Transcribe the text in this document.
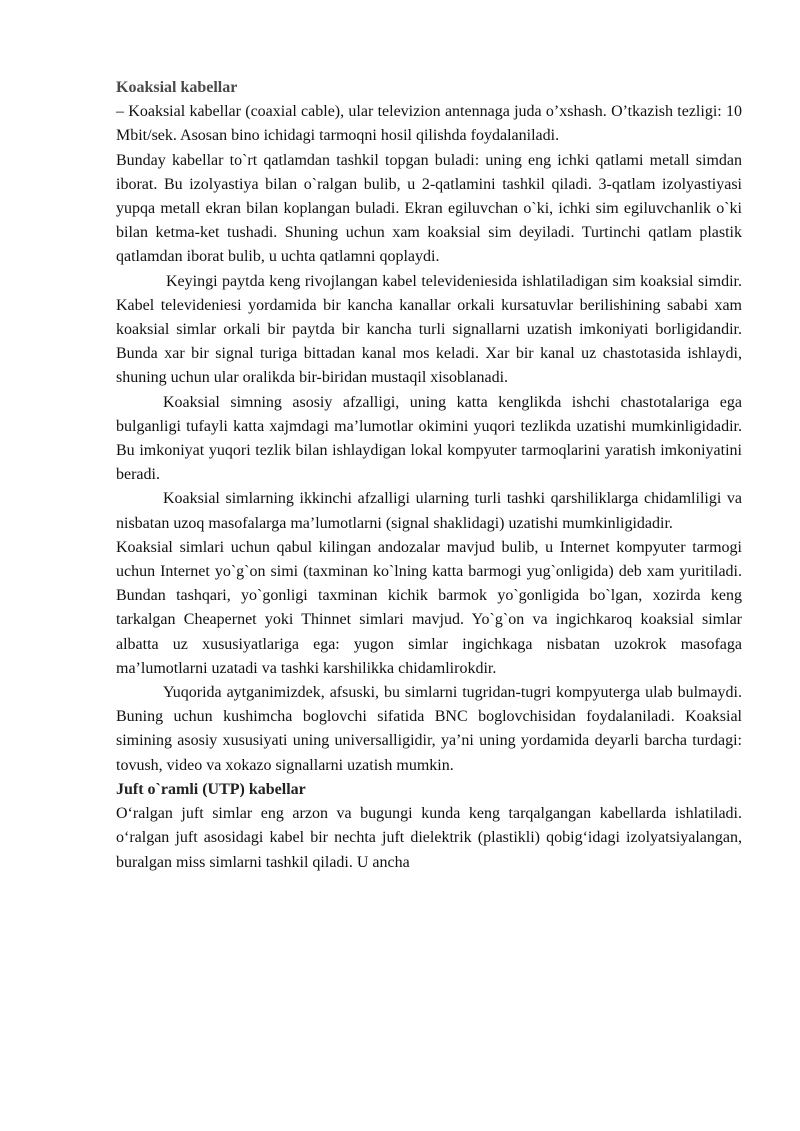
Koaksial kabellar

– Koaksial kabellar (coaxial cable), ular televizion antennaga juda o’xshash. O’tkazish tezligi: 10 Mbit/sek. Asosan bino ichidagi tarmoqni hosil qilishda foydalaniladi.

Bunday kabellar to`rt qatlamdan tashkil topgan buladi: uning eng ichki qatlami metall simdan iborat. Bu izolyastiya bilan o`ralgan bulib, u 2-qatlamini tashkil qiladi. 3-qatlam izolyastiyasi yupqa metall ekran bilan koplangan buladi. Ekran egiluvchan o`ki, ichki sim egiluvchanlik o`ki bilan ketma-ket tushadi. Shuning uchun xam koaksial sim deyiladi. Turtinchi qatlam plastik qatlamdan iborat bulib, u uchta qatlamni qoplaydi.

Keyingi paytda keng rivojlangan kabel televideniesida ishlatiladigan sim koaksial simdir. Kabel televideniesi yordamida bir kancha kanallar orkali kursatuvlar berilishining sababi xam koaksial simlar orkali bir paytda bir kancha turli signallarni uzatish imkoniyati borligidandir. Bunda xar bir signal turiga bittadan kanal mos keladi. Xar bir kanal uz chastotasida ishlaydi, shuning uchun ular oralikda bir-biridan mustaqil xisoblanadi.

Koaksial simning asosiy afzalligi, uning katta kenglikda ishchi chastotalariga ega bulganligi tufayli katta xajmdagi ma’lumotlar okimini yuqori tezlikda uzatishi mumkinligidadir. Bu imkoniyat yuqori tezlik bilan ishlaydigan lokal kompyuter tarmoqlarini yaratish imkoniyatini beradi.

Koaksial simlarning ikkinchi afzalligi ularning turli tashki qarshiliklarga chidamliligi va nisbatan uzoq masofalarga ma’lumotlarni (signal shaklidagi) uzatishi mumkinligidadir.

Koaksial simlari uchun qabul kilingan andozalar mavjud bulib, u Internet kompyuter tarmogi uchun Internet yo`g`on simi (taxminan ko`lning katta barmogi yug`onligida) deb xam yuritiladi. Bundan tashqari, yo`gonligi taxminan kichik barmok yo`gonligida bo`lgan, xozirda keng tarkalgan Cheapernet yoki Thinnet simlari mavjud. Yo`g`on va ingichkaroq koaksial simlar albatta uz xususiyatlariga ega: yugon simlar ingichkaga nisbatan uzokrok masofaga ma’lumotlarni uzatadi va tashki karshilikka chidamlirokdir.

Yuqorida aytganimizdek, afsuski, bu simlarni tugridan-tugri kompyuterga ulab bulmaydi. Buning uchun kushimcha boglovchi sifatida BNC boglovchisidan foydalaniladi. Koaksial simining asosiy xususiyati uning universalligidir, ya’ni uning yordamida deyarli barcha turdagi: tovush, video va xokazo signallarni uzatish mumkin.

Juft o`ramli (UTP) kabellar

O‘ralgan juft simlar eng arzon va bugungi kunda keng tarqalgangan kabellarda ishlatiladi. o‘ralgan juft asosidagi kabel bir nechta juft dielektrik (plastikli) qobig‘idagi izolyatsiyalangan, buralgan miss simlarni tashkil qiladi. U ancha
